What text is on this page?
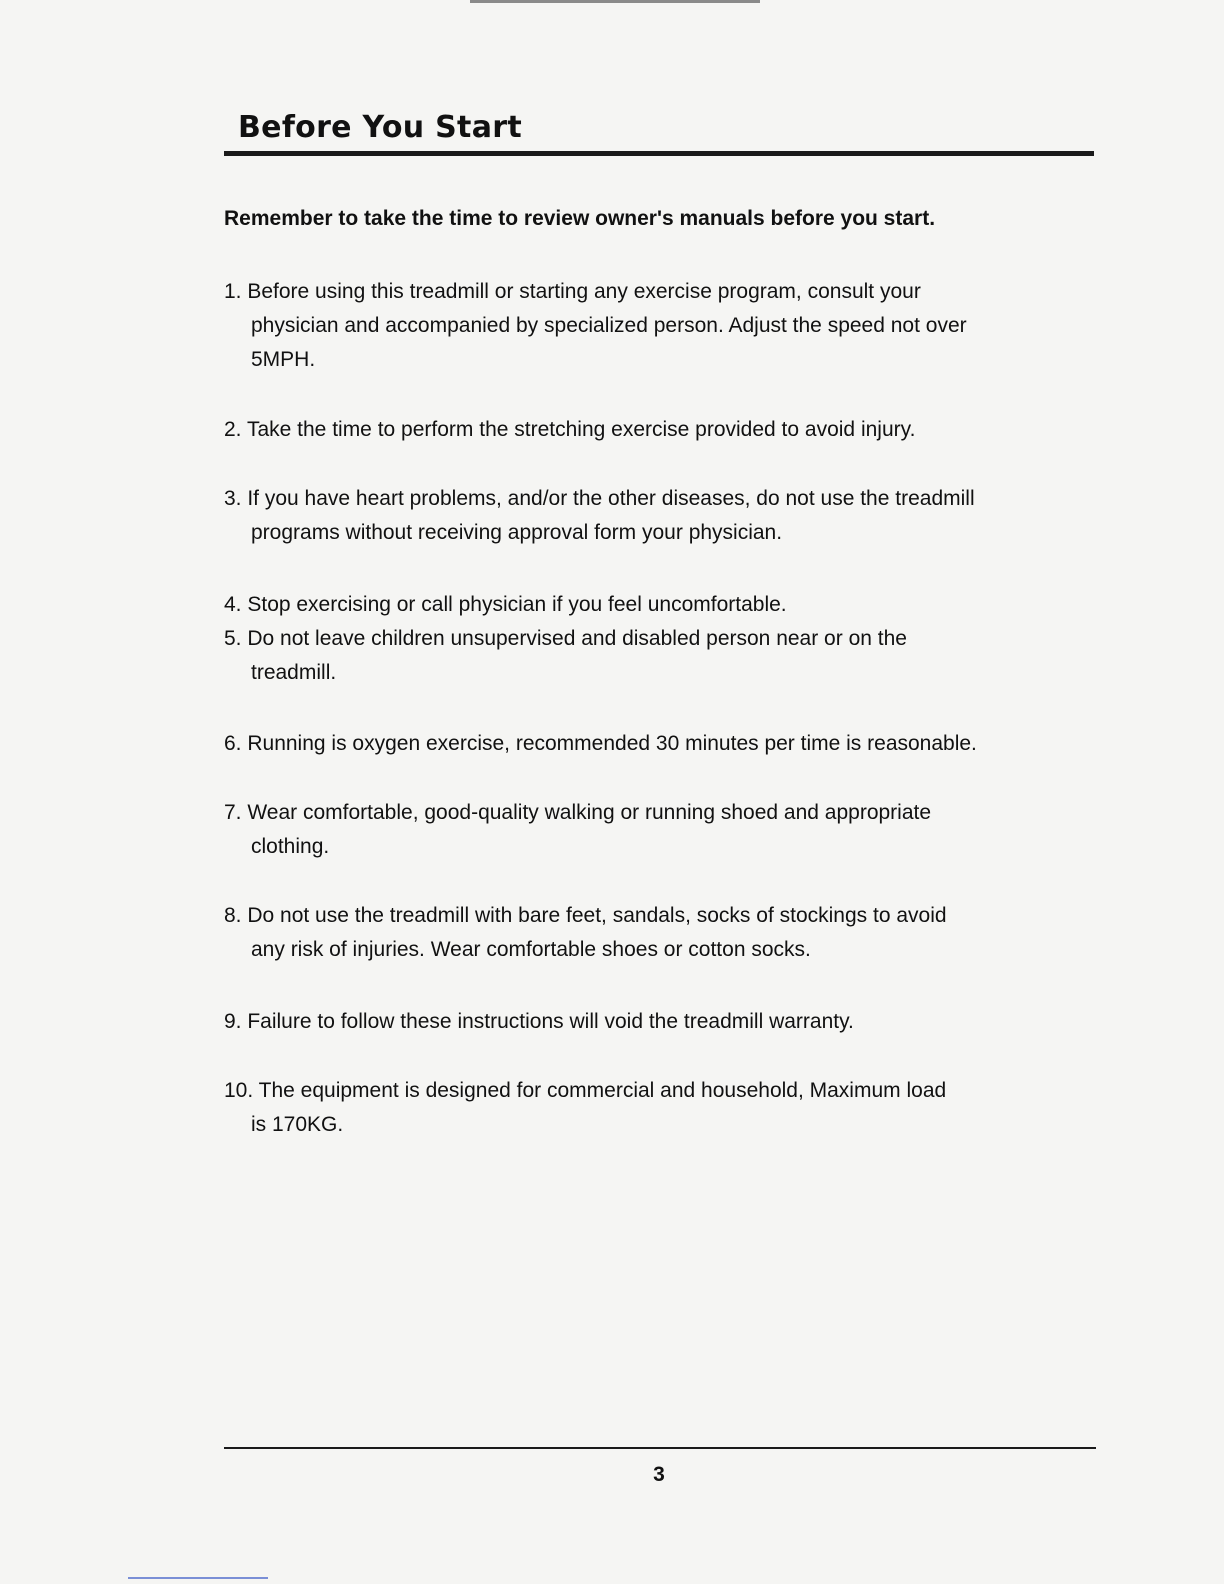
Before You Start

Remember to take the time to review owner's manuals before you start.

1. Before using this treadmill or starting any exercise program, consult your
physician and accompanied by specialized person. Adjust the speed not over
5MPH.
2. Take the time to perform the stretching exercise provided to avoid injury.
3. If you have heart problems, and/or the other diseases, do not use the treadmill
programs without receiving approval form your physician.
4. Stop exercising or call physician if you feel uncomfortable.
5. Do not leave children unsupervised and disabled person near or on the
treadmill.
6. Running is oxygen exercise, recommended 30 minutes per time is reasonable.
7. Wear comfortable, good-quality walking or running shoed and appropriate
clothing.
8. Do not use the treadmill with bare feet, sandals, socks of stockings to avoid
any risk of injuries. Wear comfortable shoes or cotton socks.
9. Failure to follow these instructions will void the treadmill warranty.
10. The equipment is designed for commercial and household, Maximum load
is 170KG.

3
